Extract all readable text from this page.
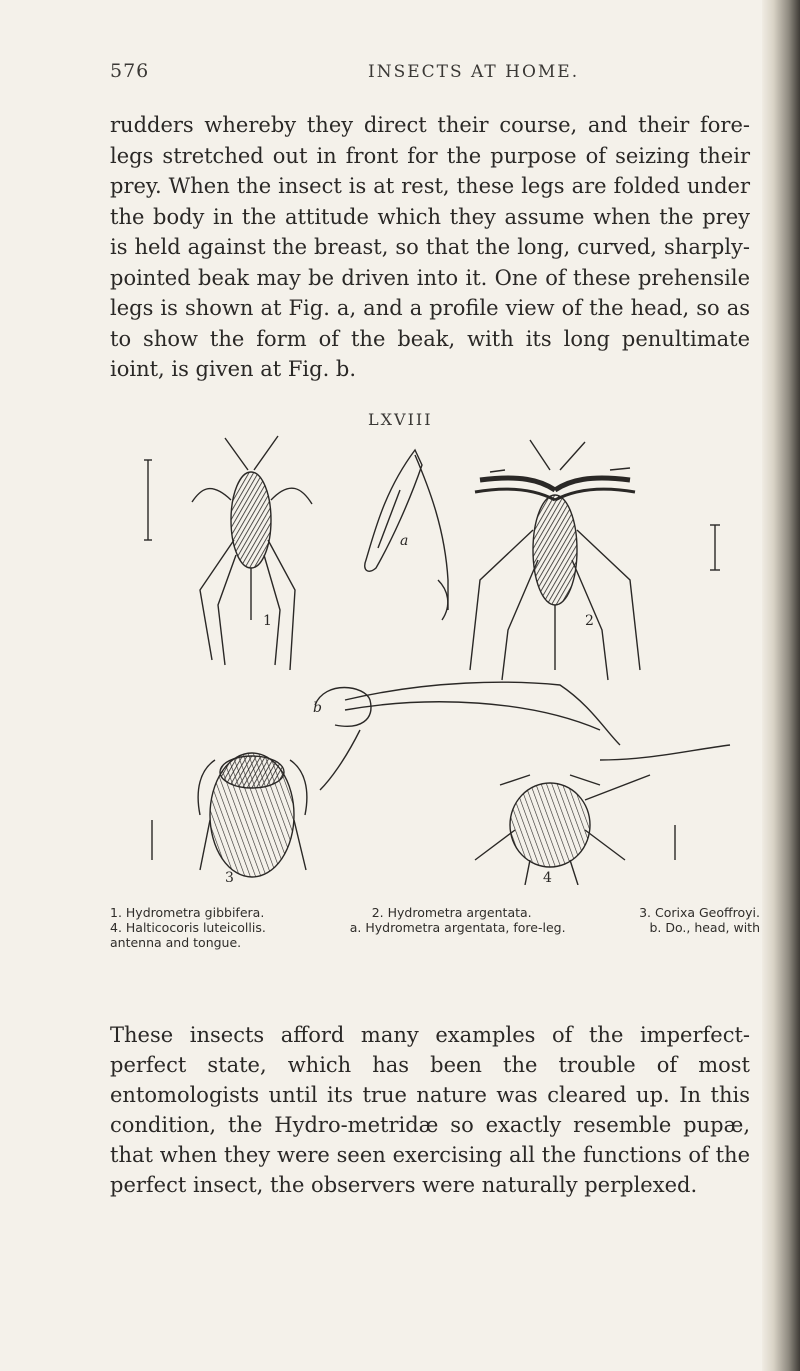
576	INSECTS AT HOME.

rudders whereby they direct their course, and their fore-legs stretched out in front for the purpose of seizing their prey. When the insect is at rest, these legs are folded under the body in the attitude which they assume when the prey is held against the breast, so that the long, curved, sharply-pointed beak may be driven into it. One of these prehensile legs is shown at Fig. a, and a profile view of the head, so as to show the form of the beak, with its long penultimate ioint, is given at Fig. b.

LXVIII
1
a
2
b
3	4
1. Hydrometra gibbifera.	2. Hydrometra argentata.	3. Corixa Geoffroyi.
4. Halticocoris luteicollis.	a. Hydrometra argentata, fore-leg.	b. Do., head, with
antenna and tongue.

These insects afford many examples of the imperfect-perfect state, which has been the trouble of most entomologists until its true nature was cleared up. In this condition, the Hydro-metridæ so exactly resemble pupæ, that when they were seen exercising all the functions of the perfect insect, the observers were naturally perplexed.
